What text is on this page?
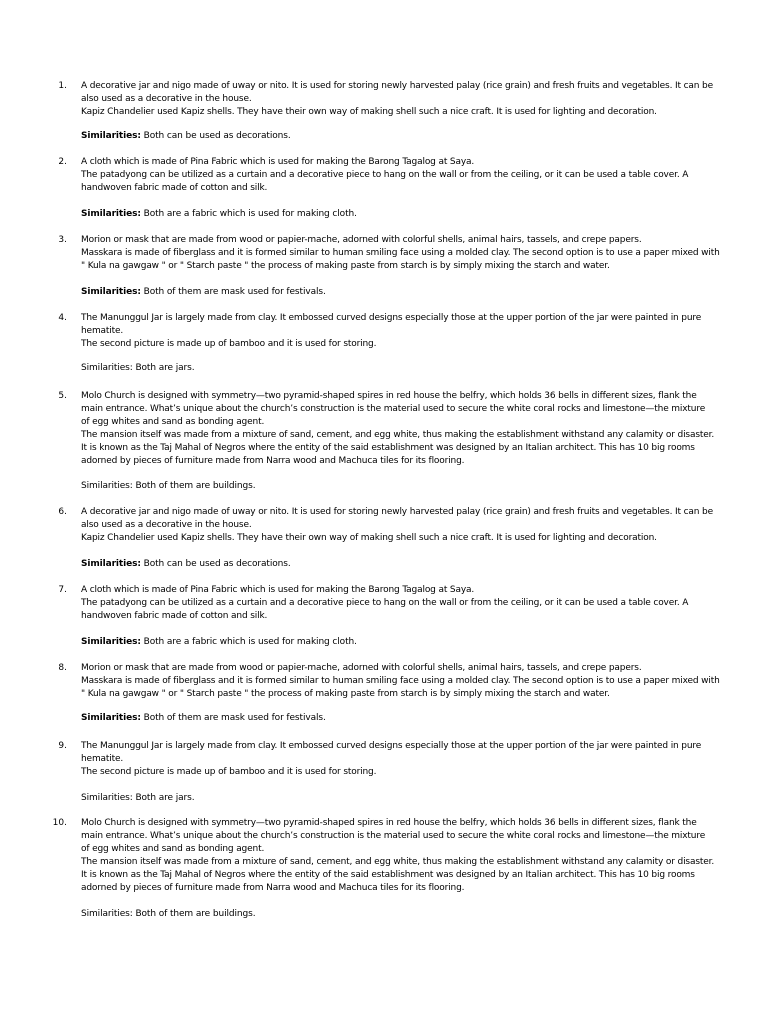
1. A decorative jar and nigo made of uway or nito. It is used for storing newly harvested palay (rice grain) and fresh fruits and vegetables. It can be
also used as a decorative in the house.
Kapiz Chandelier used Kapiz shells. They have their own way of making shell such a nice craft. It is used for lighting and decoration.
Similarities: Both can be used as decorations.
2. A cloth which is made of Pina Fabric which is used for making the Barong Tagalog at Saya.
The patadyong can be utilized as a curtain and a decorative piece to hang on the wall or from the ceiling, or it can be used a table cover. A
handwoven fabric made of cotton and silk.
Similarities: Both are a fabric which is used for making cloth.
3. Morion or mask that are made from wood or papier-mache, adorned with colorful shells, animal hairs, tassels, and crepe papers.
Masskara is made of fiberglass and it is formed similar to human smiling face using a molded clay. The second option is to use a paper mixed with
" Kula na gawgaw " or " Starch paste " the process of making paste from starch is by simply mixing the starch and water.
Similarities: Both of them are mask used for festivals.
4. The Manunggul Jar is largely made from clay. It embossed curved designs especially those at the upper portion of the jar were painted in pure
hematite.
The second picture is made up of bamboo and it is used for storing.
Similarities: Both are jars.
5. Molo Church is designed with symmetry—two pyramid-shaped spires in red house the belfry, which holds 36 bells in different sizes, flank the
main entrance. What’s unique about the church’s construction is the material used to secure the white coral rocks and limestone—the mixture
of egg whites and sand as bonding agent.
The mansion itself was made from a mixture of sand, cement, and egg white, thus making the establishment withstand any calamity or disaster.
It is known as the Taj Mahal of Negros where the entity of the said establishment was designed by an Italian architect. This has 10 big rooms
adorned by pieces of furniture made from Narra wood and Machuca tiles for its flooring.
Similarities: Both of them are buildings.
6. A decorative jar and nigo made of uway or nito. It is used for storing newly harvested palay (rice grain) and fresh fruits and vegetables. It can be
also used as a decorative in the house.
Kapiz Chandelier used Kapiz shells. They have their own way of making shell such a nice craft. It is used for lighting and decoration.
Similarities: Both can be used as decorations.
7. A cloth which is made of Pina Fabric which is used for making the Barong Tagalog at Saya.
The patadyong can be utilized as a curtain and a decorative piece to hang on the wall or from the ceiling, or it can be used a table cover. A
handwoven fabric made of cotton and silk.
Similarities: Both are a fabric which is used for making cloth.
8. Morion or mask that are made from wood or papier-mache, adorned with colorful shells, animal hairs, tassels, and crepe papers.
Masskara is made of fiberglass and it is formed similar to human smiling face using a molded clay. The second option is to use a paper mixed with
" Kula na gawgaw " or " Starch paste " the process of making paste from starch is by simply mixing the starch and water.
Similarities: Both of them are mask used for festivals.
9. The Manunggul Jar is largely made from clay. It embossed curved designs especially those at the upper portion of the jar were painted in pure
hematite.
The second picture is made up of bamboo and it is used for storing.
Similarities: Both are jars.
10. Molo Church is designed with symmetry—two pyramid-shaped spires in red house the belfry, which holds 36 bells in different sizes, flank the
main entrance. What’s unique about the church’s construction is the material used to secure the white coral rocks and limestone—the mixture
of egg whites and sand as bonding agent.
The mansion itself was made from a mixture of sand, cement, and egg white, thus making the establishment withstand any calamity or disaster.
It is known as the Taj Mahal of Negros where the entity of the said establishment was designed by an Italian architect. This has 10 big rooms
adorned by pieces of furniture made from Narra wood and Machuca tiles for its flooring.
Similarities: Both of them are buildings.
